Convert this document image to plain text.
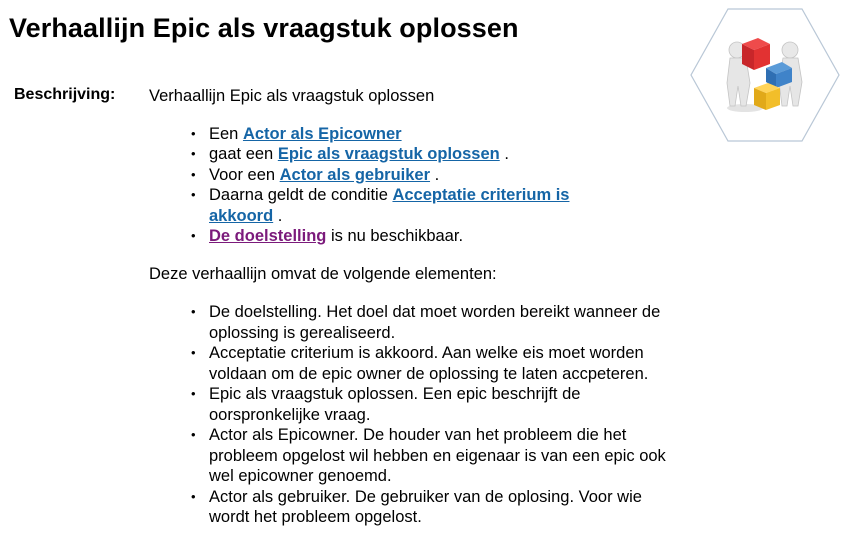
Verhaallijn Epic als vraagstuk oplossen
Beschrijving: Verhaallijn Epic als vraagstuk oplossen

• Een Actor als Epicowner
• gaat een Epic als vraagstuk oplossen .
• Voor een Actor als gebruiker .
• Daarna geldt de conditie Acceptatie criterium is akkoord .
• De doelstelling is nu beschikbaar.

Deze verhaallijn omvat de volgende elementen:

• De doelstelling. Het doel dat moet worden bereikt wanneer de oplossing is gerealiseerd.
• Acceptatie criterium is akkoord. Aan welke eis moet worden voldaan om de epic owner de oplossing te laten accpeteren.
• Epic als vraagstuk oplossen. Een epic beschrijft de oorspronkelijke vraag.
• Actor als Epicowner. De houder van het probleem die het probleem opgelost wil hebben en eigenaar is van een epic ook wel epicowner genoemd.
• Actor als gebruiker. De gebruiker van de oplosing. Voor wie wordt het probleem opgelost.
